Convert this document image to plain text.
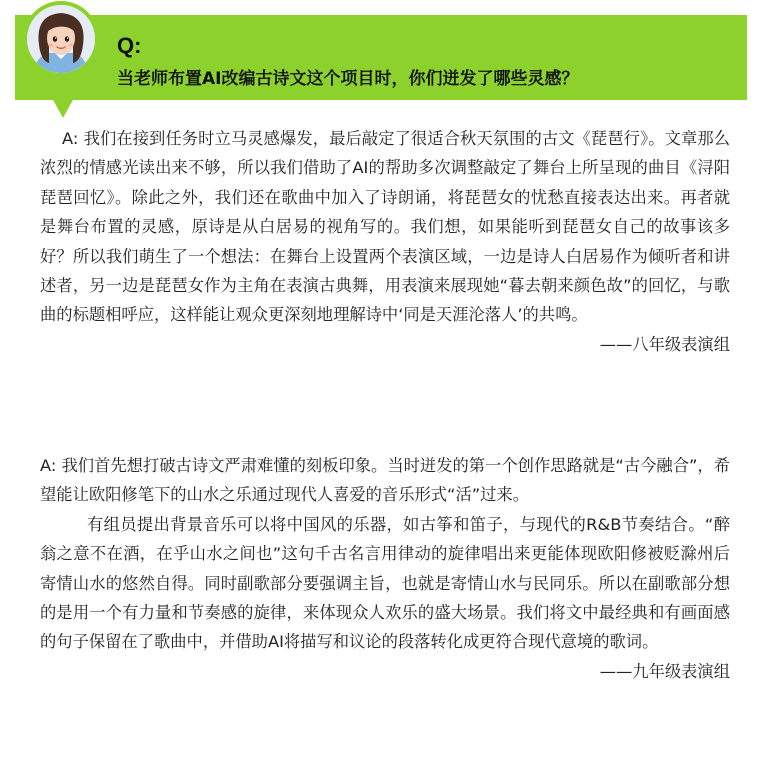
Q:
当老师布置AI改编古诗文这个项目时，你们迸发了哪些灵感？

A: 我们在接到任务时立马灵感爆发，最后敲定了很适合秋天氛围的古文《琵琶行》。文章那么浓烈的情感光读出来不够，所以我们借助了AI的帮助多次调整敲定了舞台上所呈现的曲目《浔阳琵琶回忆》。除此之外，我们还在歌曲中加入了诗朗诵，将琵琶女的忧愁直接表达出来。再者就是舞台布置的灵感，原诗是从白居易的视角写的。我们想，如果能听到琵琶女自己的故事该多好？所以我们萌生了一个想法：在舞台上设置两个表演区域，一边是诗人白居易作为倾听者和讲述者，另一边是琵琶女作为主角在表演古典舞，用表演来展现她“暮去朝来颜色故”的回忆，与歌曲的标题相呼应，这样能让观众更深刻地理解诗中‘同是天涯沦落人’的共鸣。

——八年级表演组

A: 我们首先想打破古诗文严肃难懂的刻板印象。当时迸发的第一个创作思路就是“古今融合”，希望能让欧阳修笔下的山水之乐通过现代人喜爱的音乐形式“活”过来。

有组员提出背景音乐可以将中国风的乐器，如古筝和笛子，与现代的R&B节奏结合。“醉翁之意不在酒，在乎山水之间也”这句千古名言用律动的旋律唱出来更能体现欧阳修被贬滁州后寄情山水的悠然自得。同时副歌部分要强调主旨，也就是寄情山水与民同乐。所以在副歌部分想的是用一个有力量和节奏感的旋律，来体现众人欢乐的盛大场景。我们将文中最经典和有画面感的句子保留在了歌曲中，并借助AI将描写和议论的段落转化成更符合现代意境的歌词。

——九年级表演组
